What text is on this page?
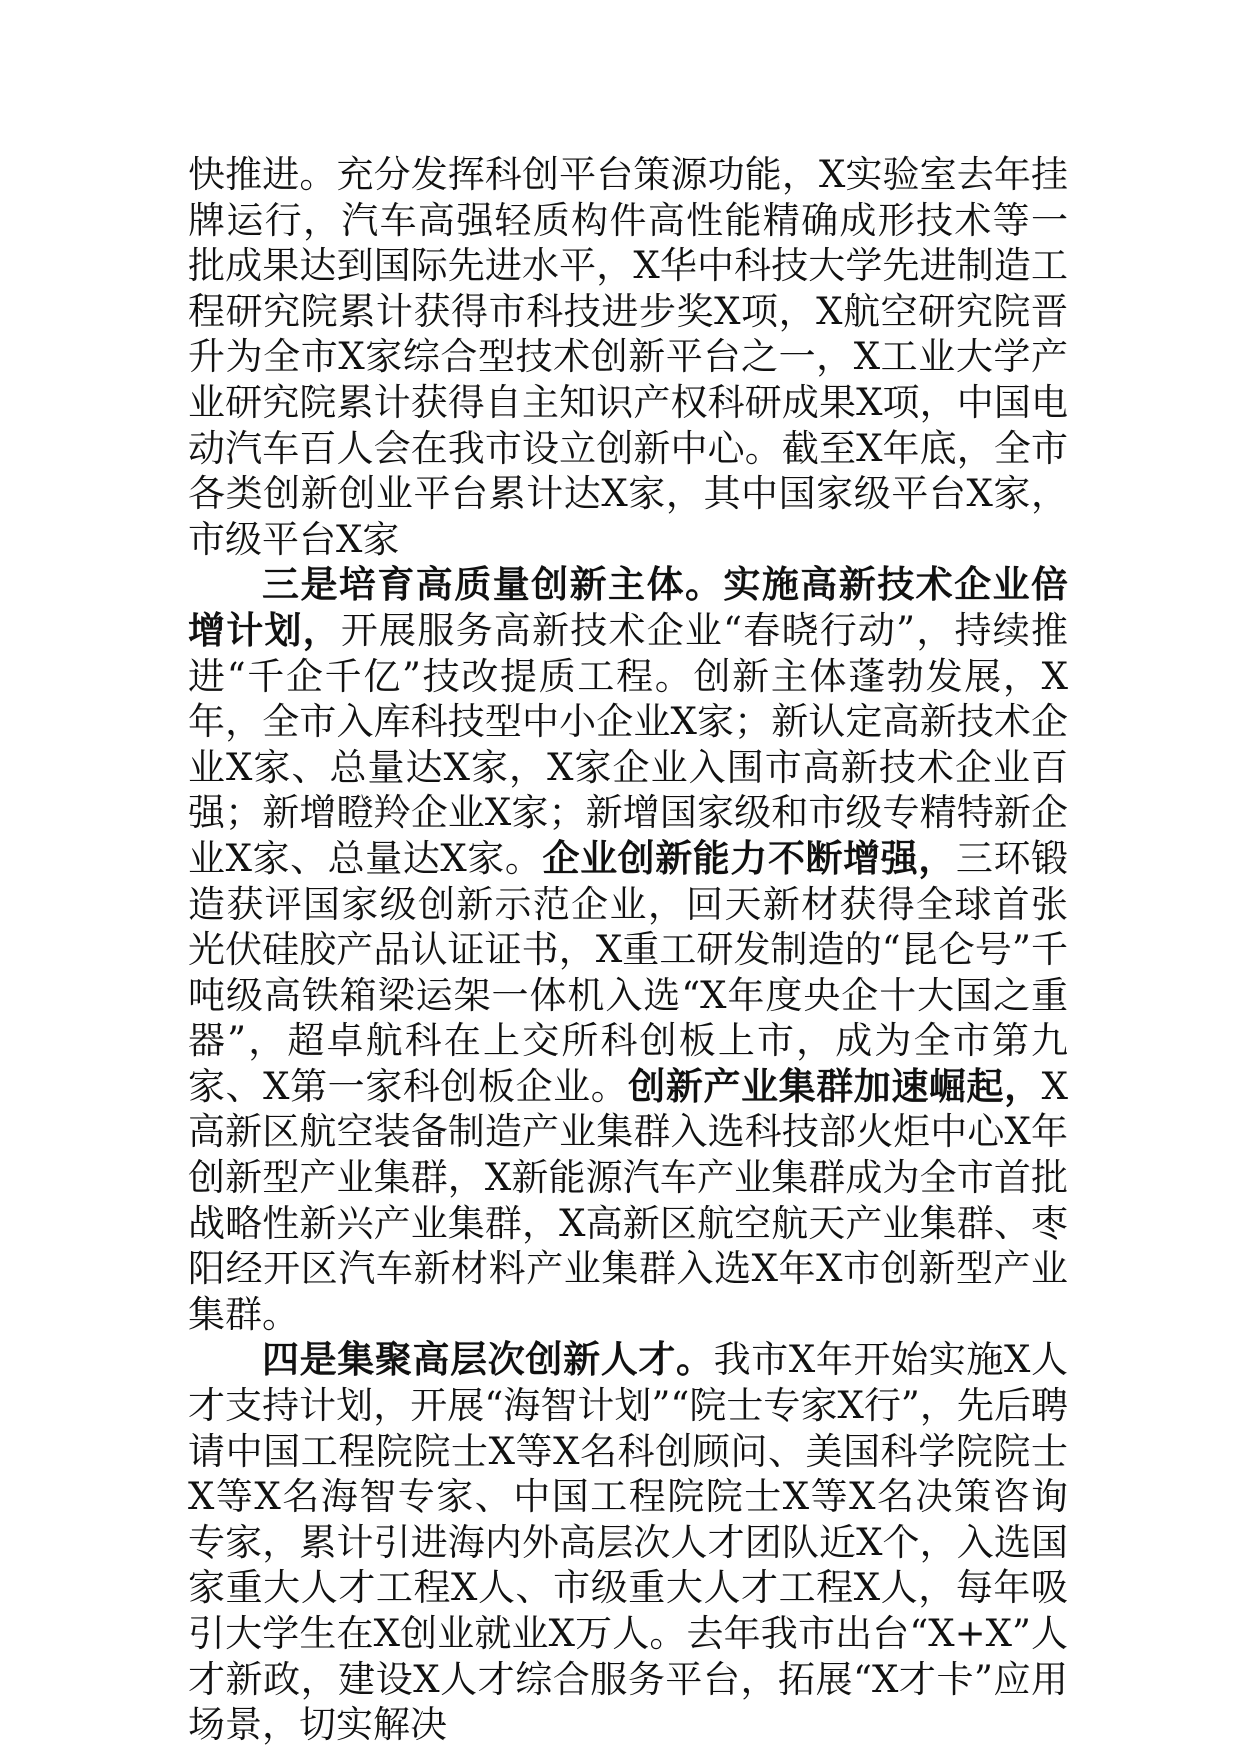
快推进。充分发挥科创平台策源功能，X实验室去年挂牌运行，汽车高强轻质构件高性能精确成形技术等一批成果达到国际先进水平，X华中科技大学先进制造工程研究院累计获得市科技进步奖X项，X航空研究院晋升为全市X家综合型技术创新平台之一，X工业大学产业研究院累计获得自主知识产权科研成果X项，中国电动汽车百人会在我市设立创新中心。截至X年底，全市各类创新创业平台累计达X家，其中国家级平台X家，市级平台X家

三是培育高质量创新主体。实施高新技术企业倍增计划，开展服务高新技术企业“春晓行动”，持续推进“千企千亿”技改提质工程。创新主体蓬勃发展，X年，全市入库科技型中小企业X家；新认定高新技术企业X家、总量达X家，X家企业入围市高新技术企业百强；新增瞪羚企业X家；新增国家级和市级专精特新企业X家、总量达X家。企业创新能力不断增强，三环锻造获评国家级创新示范企业，回天新材获得全球首张光伏硅胶产品认证证书，X重工研发制造的“昆仑号”千吨级高铁箱梁运架一体机入选“X年度央企十大国之重器”，超卓航科在上交所科创板上市，成为全市第九家、X第一家科创板企业。创新产业集群加速崛起，X高新区航空装备制造产业集群入选科技部火炬中心X年创新型产业集群，X新能源汽车产业集群成为全市首批战略性新兴产业集群，X高新区航空航天产业集群、枣阳经开区汽车新材料产业集群入选X年X市创新型产业集群。

四是集聚高层次创新人才。我市X年开始实施X人才支持计划，开展“海智计划”“院士专家X行”，先后聘请中国工程院院士X等X名科创顾问、美国科学院院士X等X名海智专家、中国工程院院士X等X名决策咨询专家，累计引进海内外高层次人才团队近X个，入选国家重大人才工程X人、市级重大人才工程X人，每年吸引大学生在X创业就业X万人。去年我市出台“X+X”人才新政，建设X人才综合服务平台，拓展“X才卡”应用场景，切实解决
